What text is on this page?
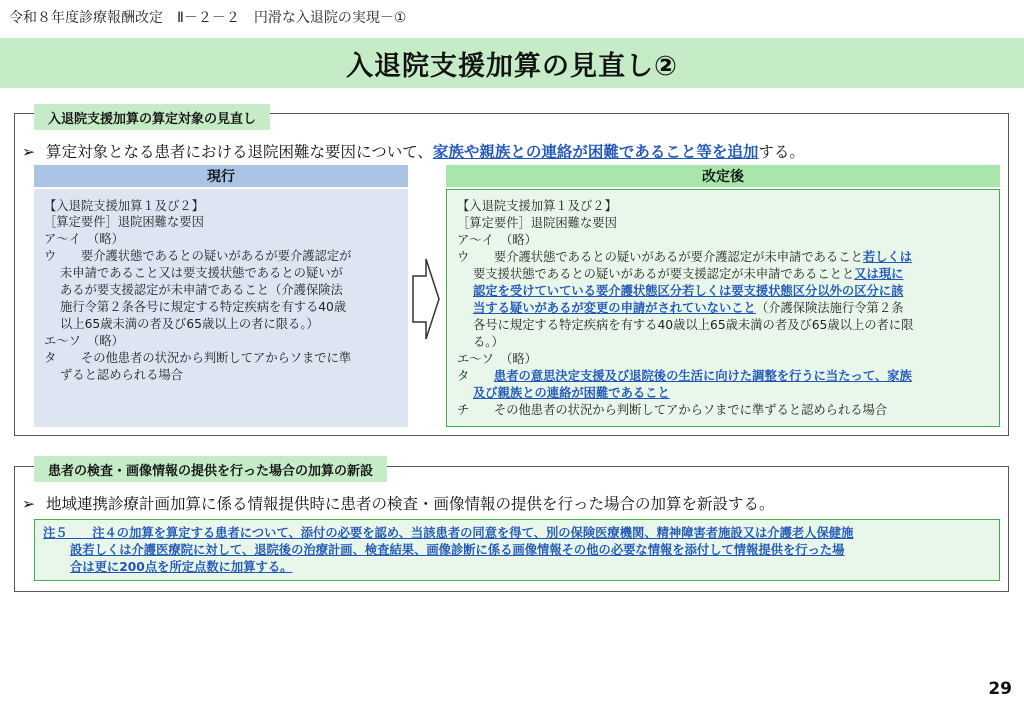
令和８年度診療報酬改定　Ⅱ－２－２　円滑な入退院の実現－①
入退院支援加算の見直し②
入退院支援加算の算定対象の見直し
➢ 算定対象となる患者における退院困難な要因について、家族や親族との連絡が困難であること等を追加する。
現行	改定後
【入退院支援加算１及び２】
［算定要件］退院困難な要因
ア～イ　（略）
ウ　　要介護状態であるとの疑いがあるが要介護認定が
未申請であること又は要支援状態であるとの疑いが
あるが要支援認定が未申請であること（介護保険法
施行令第２条各号に規定する特定疾病を有する40歳
以上65歳未満の者及び65歳以上の者に限る。）
エ～ソ　（略）
タ　　その他患者の状況から判断してアからソまでに準
ずると認められる場合
【入退院支援加算１及び２】
［算定要件］退院困難な要因
ア～イ　（略）
ウ　　要介護状態であるとの疑いがあるが要介護認定が未申請であること若しくは
要支援状態であるとの疑いがあるが要支援認定が未申請であることと又は現に
認定を受けていている要介護状態区分若しくは要支援状態区分以外の区分に該
当する疑いがあるが変更の申請がされていないこと（介護保険法施行令第２条
各号に規定する特定疾病を有する40歳以上65歳未満の者及び65歳以上の者に限
る。）
エ～ソ　（略）
タ　　患者の意思決定支援及び退院後の生活に向けた調整を行うに当たって、家族
及び親族との連絡が困難であること
チ　　その他患者の状況から判断してアからソまでに準ずると認められる場合
患者の検査・画像情報の提供を行った場合の加算の新設
➢ 地域連携診療計画加算に係る情報提供時に患者の検査・画像情報の提供を行った場合の加算を新設する。
注５　　注４の加算を算定する患者について、添付の必要を認め、当該患者の同意を得て、別の保険医療機関、精神障害者施設又は介護老人保健施
設若しくは介護医療院に対して、退院後の治療計画、検査結果、画像診断に係る画像情報その他の必要な情報を添付して情報提供を行った場
合は更に200点を所定点数に加算する。
29
